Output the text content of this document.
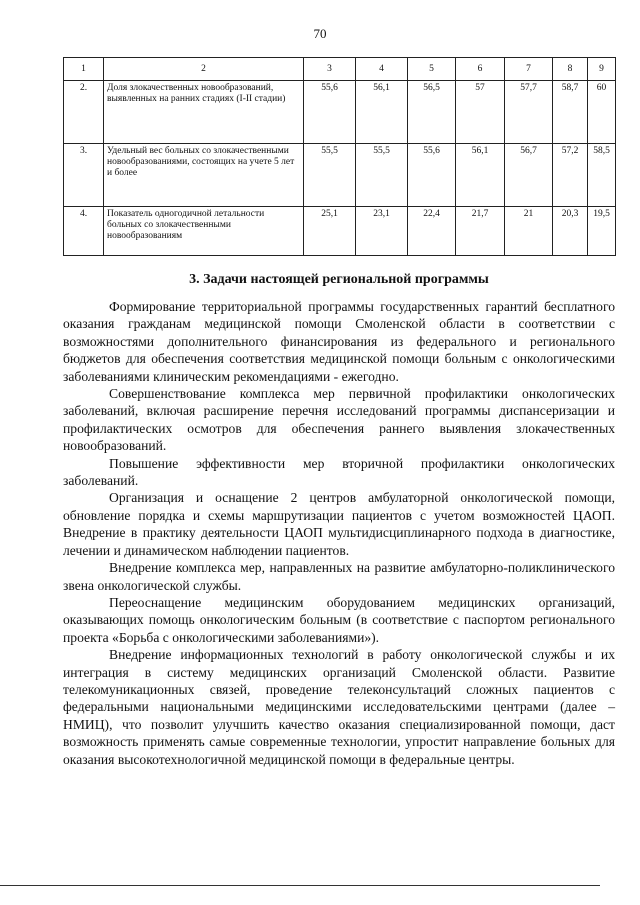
70
1	2	3	4	5	6	7	8	9
2.	Доля злокачественных новообразований, выявленных на ранних стадиях (I-II стадии)	55,6	56,1	56,5	57	57,7	58,7	60
3.	Удельный вес больных со злокачественными новообразованиями, состоящих на учете 5 лет и более	55,5	55,5	55,6	56,1	56,7	57,2	58,5
4.	Показатель одногодичной летальности больных со злокачественными новообразованиям	25,1	23,1	22,4	21,7	21	20,3	19,5
3. Задачи настоящей региональной программы

Формирование территориальной программы государственных гарантий бесплатного оказания гражданам медицинской помощи Смоленской области в соответствии с возможностями дополнительного финансирования из федерального и регионального бюджетов для обеспечения соответствия медицинской помощи больным с онкологическими заболеваниями клиническим рекомендациями - ежегодно.

Совершенствование комплекса мер первичной профилактики онкологических заболеваний, включая расширение перечня исследований программы диспансеризации и профилактических осмотров для обеспечения раннего выявления злокачественных новообразований.

Повышение эффективности мер вторичной профилактики онкологических заболеваний.

Организация и оснащение 2 центров амбулаторной онкологической помощи, обновление порядка и схемы маршрутизации пациентов с учетом возможностей ЦАОП. Внедрение в практику деятельности ЦАОП мультидисциплинарного подхода в диагностике, лечении и динамическом наблюдении пациентов.

Внедрение комплекса мер, направленных на развитие амбулаторно-поликлинического звена онкологической службы.

Переоснащение медицинским оборудованием медицинских организаций, оказывающих помощь онкологическим больным (в соответствие с паспортом регионального проекта «Борьба с онкологическими заболеваниями»).

Внедрение информационных технологий в работу онкологической службы и их интеграция в систему медицинских организаций Смоленской области. Развитие телекомуникационных связей, проведение телеконсультаций сложных пациентов с федеральными национальными медицинскими исследовательскими центрами (далее – НМИЦ), что позволит улучшить качество оказания специализированной помощи, даст возможность применять самые современные технологии, упростит направление больных для оказания высокотехнологичной медицинской помощи в федеральные центры.
